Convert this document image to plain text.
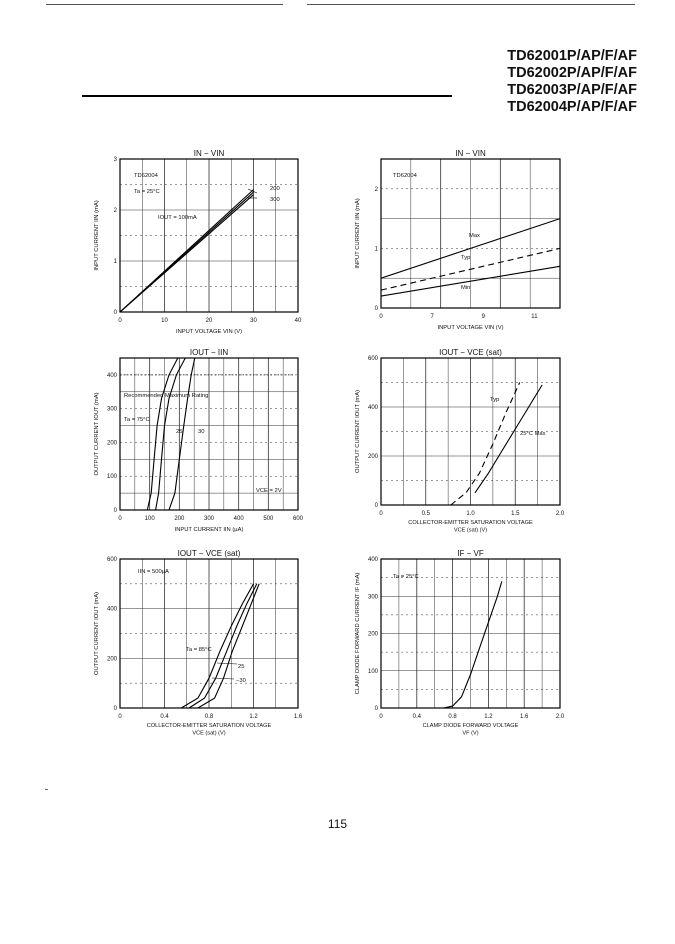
TD62001P/AP/F/AF
TD62002P/AP/F/AF
TD62003P/AP/F/AF
TD62004P/AP/F/AF
0	10	20	30	40
0
1
2
3
IN − VIN
INPUT VOLTAGE VIN (V)
INPUT CURRENT IIN (mA)
TD62004
Ta = 25°C
IOUT = 100mA
200
300
0	7	9	11
0
1
2
IN − VIN
INPUT VOLTAGE VIN (V)
INPUT CURRENT IIN (mA)
TD62004
Max
Typ
Min
0	100	200	300	400	500	600
0
100
200
300
400
IOUT − IIN
INPUT CURRENT IIN (µA)
OUTPUT CURRENT IOUT (mA)	Recommended Maximum Rating
Ta = 75°C
25	30
VCE = 2V
0	0.5	1.0	1.5	2.0
0
200
400
600
IOUT − VCE (sat)
COLLECTOR-EMITTER SATURATION VOLTAGE VCE (sat) (V)
OUTPUT CURRENT IOUT (mA)	Typ
25°C Max
0	0.4	0.8	1.2	1.6
0
200
400
600
IOUT − VCE (sat)
COLLECTOR-EMITTER SATURATION VOLTAGE VCE (sat) (V)
OUTPUT CURRENT IOUT (mA)
IIN = 500µA
Ta = 85°C
25
−30
0	0.4	0.8	1.2	1.6	2.0
0
100
200
300
400
IF − VF
CLAMP DIODE FORWARD VOLTAGE VF (V)
CLAMP DIODE FORWARD CURRENT IF (mA)	Ta = 25°C
115
